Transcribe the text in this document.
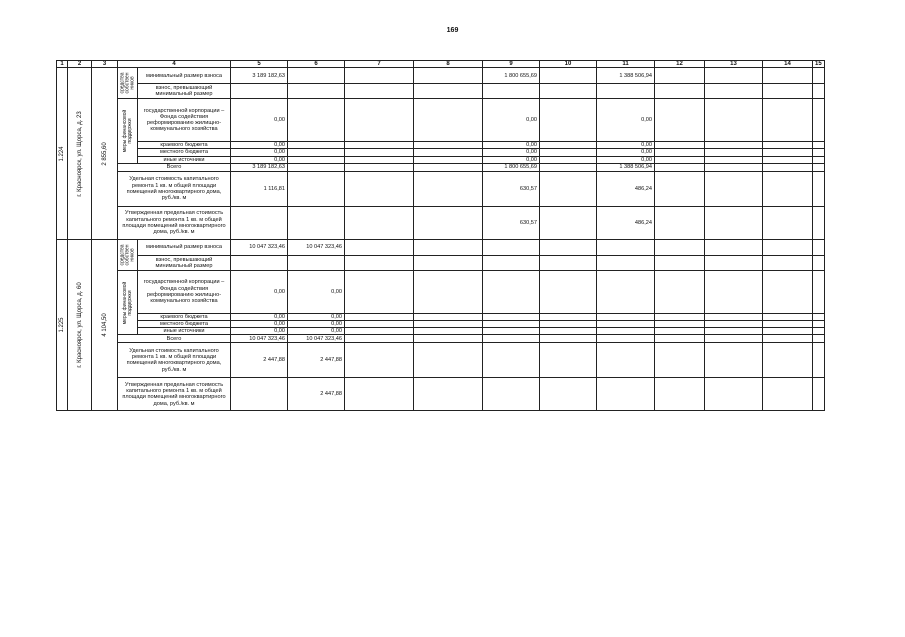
169
1	2	3	4		5	6	7	8	9	10	11	12	13	14	15

1.224	г. Красноярск, ул. Щорса, д. 23	2 855,60	средства собствен ников	минимальный размер взноса	3 189 182,63				1 800 655,69		1 388 506,94				
				взнос, превышающий минимальный размер											

			меры финансовой поддержки	государственной корпорации – Фонда содействия реформированию жилищно-коммунального хозяйства	0,00				0,00		0,00				
				краевого бюджета	0,00				0,00		0,00				
				местного бюджета	0,00				0,00		0,00				
				иные источники	0,00				0,00		0,00				
			Всего		3 189 182,63				1 800 655,69		1 388 506,94				
			Удельная стоимость капитального ремонта 1 кв. м общей площади помещений многоквартирного дома, руб./кв. м		1 116,81				630,57		486,24				
			Утвержденная предельная стоимость капитального ремонта 1 кв. м общей площади помещений многоквартирного дома, руб./кв. м						630,57		486,24				

1.225	г. Красноярск, ул. Щорса, д. 60	4 104,50	средства собствен ников	минимальный размер взноса	10 047 323,46	10 047 323,46									
				взнос, превышающий минимальный размер											

			меры финансовой поддержки	государственной корпорации – Фонда содействия реформированию жилищно-коммунального хозяйства	0,00	0,00									
				краевого бюджета	0,00	0,00									
				местного бюджета	0,00	0,00									
				иные источники	0,00	0,00									
			Всего		10 047 323,46	10 047 323,46									
			Удельная стоимость капитального ремонта 1 кв. м общей площади помещений многоквартирного дома, руб./кв. м		2 447,88	2 447,88									
			Утвержденная предельная стоимость капитального ремонта 1 кв. м общей площади помещений многоквартирного дома, руб./кв. м			2 447,88									
